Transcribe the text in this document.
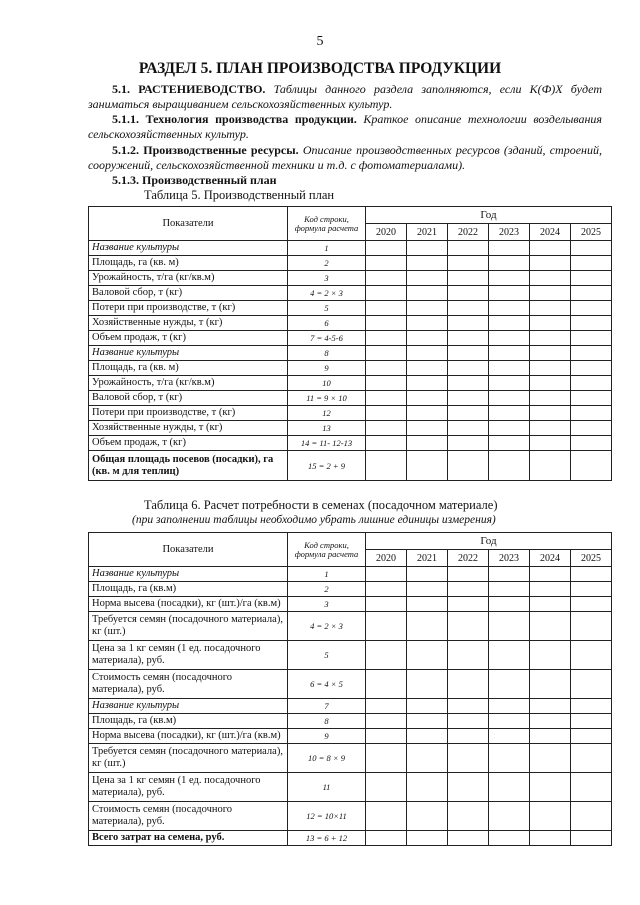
5
РАЗДЕЛ 5. ПЛАН ПРОИЗВОДСТВА ПРОДУКЦИИ
5.1. РАСТЕНИЕВОДСТВО. Таблицы данного раздела заполняются, если К(Ф)Х будет заниматься выращиванием сельскохозяйственных культур.
5.1.1. Технология производства продукции. Краткое описание технологии возделывания сельскохозяйственных культур.
5.1.2. Производственные ресурсы. Описание производственных ресурсов (зданий, строений, сооружений, сельскохозяйственной техники и т.д. с фотоматериалами).
5.1.3. Производственный план
Таблица 5. Производственный план
Показатели	Код строки, формула расчета	Год					
		2020	2021	2022	2023	2024	2025
Название культуры	1						
Площадь, га (кв. м)	2						
Урожайность, т/га (кг/кв.м)	3						
Валовой сбор, т (кг)	4 = 2 × 3						
Потери при производстве, т (кг)	5						
Хозяйственные нужды, т (кг)	6						
Объем продаж, т (кг)	7 = 4-5-6						
Название культуры	8						
Площадь, га (кв. м)	9						
Урожайность, т/га (кг/кв.м)	10						
Валовой сбор, т (кг)	11 = 9 × 10						
Потери при производстве, т (кг)	12						
Хозяйственные нужды, т (кг)	13						
Объем продаж, т (кг)	14 = 11- 12-13						
Общая площадь посевов (посадки), га (кв. м для теплиц)	15 = 2 + 9						
Таблица 6. Расчет потребности в семенах (посадочном материале)
(при заполнении таблицы необходимо убрать лишние единицы измерения)
Показатели	Код строки, формула расчета	Год					
		2020	2021	2022	2023	2024	2025
Название культуры	1						
Площадь, га (кв.м)	2						
Норма высева (посадки), кг (шт.)/га (кв.м)	3						
Требуется семян (посадочного материала), кг (шт.)	4 = 2 × 3						
Цена за 1 кг семян (1 ед. посадочного материала), руб.	5						
Стоимость семян (посадочного материала), руб.	6 = 4 × 5						
Название культуры	7						
Площадь, га (кв.м)	8						
Норма высева (посадки), кг (шт.)/га (кв.м)	9						
Требуется семян (посадочного материала), кг (шт.)	10 = 8 × 9						
Цена за 1 кг семян (1 ед. посадочного материала), руб.	11						
Стоимость семян (посадочного материала), руб.	12 = 10×11						
Всего затрат на семена, руб.	13 = 6 + 12						
